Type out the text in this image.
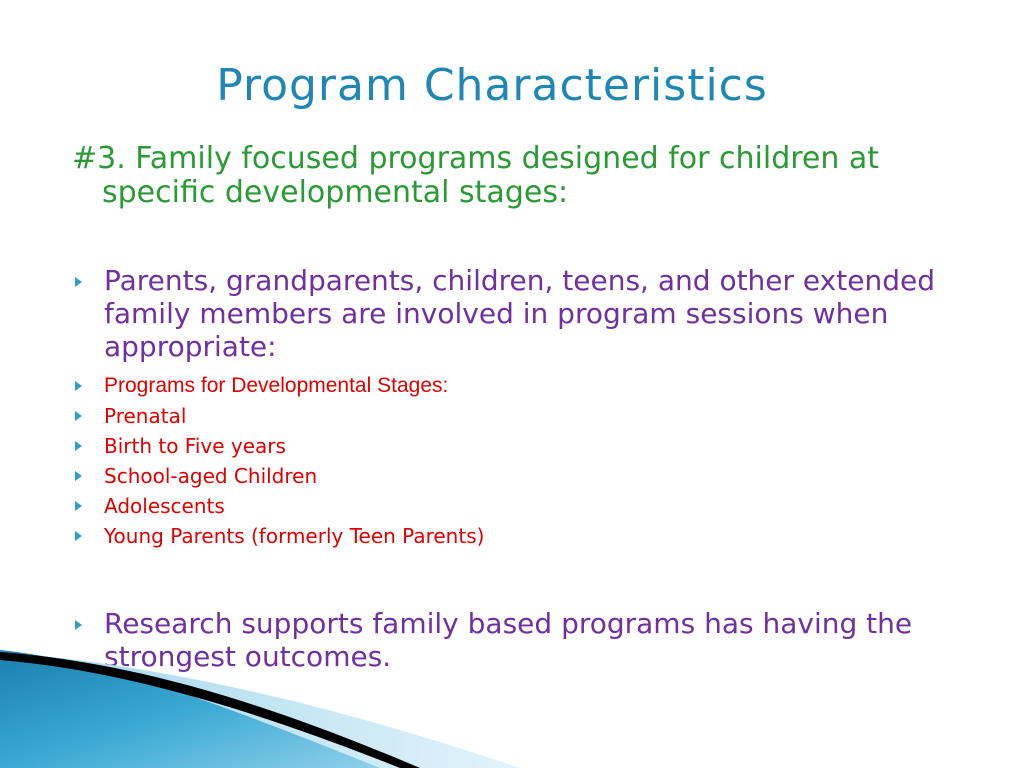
Program Characteristics

#3. Family focused programs designed for children at specific developmental stages:

Parents, grandparents, children, teens, and other extended family members are involved in program sessions when appropriate:
Programs for Developmental Stages:
Prenatal
Birth to Five years
School-aged Children
Adolescents
Young Parents (formerly Teen Parents)
Research supports family based programs has having the strongest outcomes.
